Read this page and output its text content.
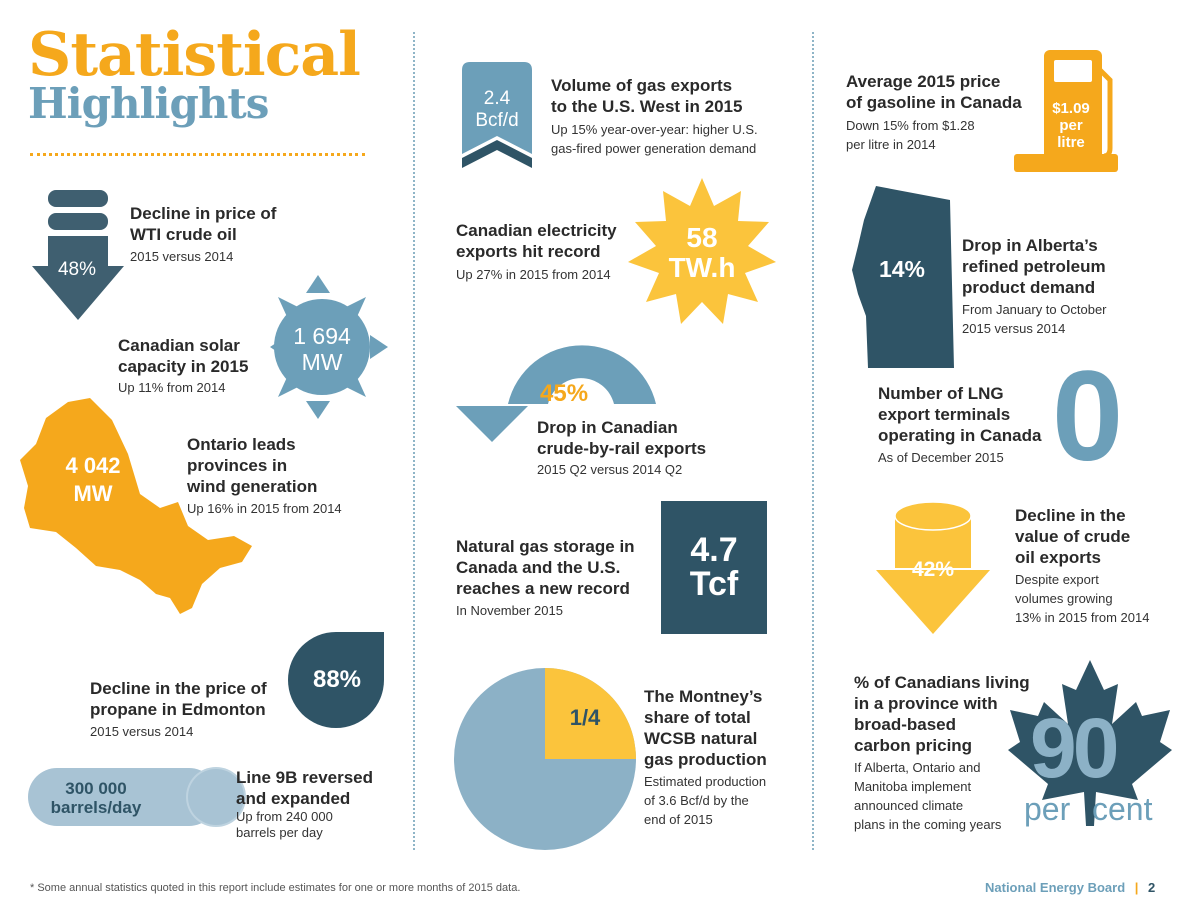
Statistical
Highlights
48%
Decline in price of
WTI crude oil
2015 versus 2014
1 694
MW
Canadian solar
capacity in 2015
Up 11% from 2014
4 042
MW
Ontario leads
provinces in
wind generation
Up 16% in 2015 from 2014
88%
Decline in the price of
propane in Edmonton
2015 versus 2014
300 000
barrels/day
Line 9B reversed
and expanded
Up from 240 000
barrels per day
2.4
Bcf/d
Volume of gas exports
to the U.S. West in 2015
Up 15% year-over-year: higher U.S.
gas-fired power generation demand
58
TW.h
Canadian electricity
exports hit record
Up 27% in 2015 from 2014
45%
Drop in Canadian
crude-by-rail exports
2015 Q2 versus 2014 Q2
4.7
Tcf
Natural gas storage in
Canada and the U.S.
reaches a new record
In November 2015
1/4
The Montney’s
share of total
WCSB natural
gas production
Estimated production
of 3.6 Bcf/d by the
end of 2015
$1.09
per
litre
Average 2015 price
of gasoline in Canada
Down 15% from $1.28
per litre in 2014
14%
Drop in Alberta’s
refined petroleum
product demand
From January to October
2015 versus 2014
0
Number of LNG
export terminals
operating in Canada
As of December 2015
42%
Decline in the
value of crude
oil exports
Despite export
volumes growing
13% in 2015 from 2014
90
per cent
% of Canadians living
in a province with
broad-based
carbon pricing
If Alberta, Ontario and
Manitoba implement
announced climate
plans in the coming years
* Some annual statistics quoted in this report include estimates for one or more months of 2015 data.	National Energy Board | 2
